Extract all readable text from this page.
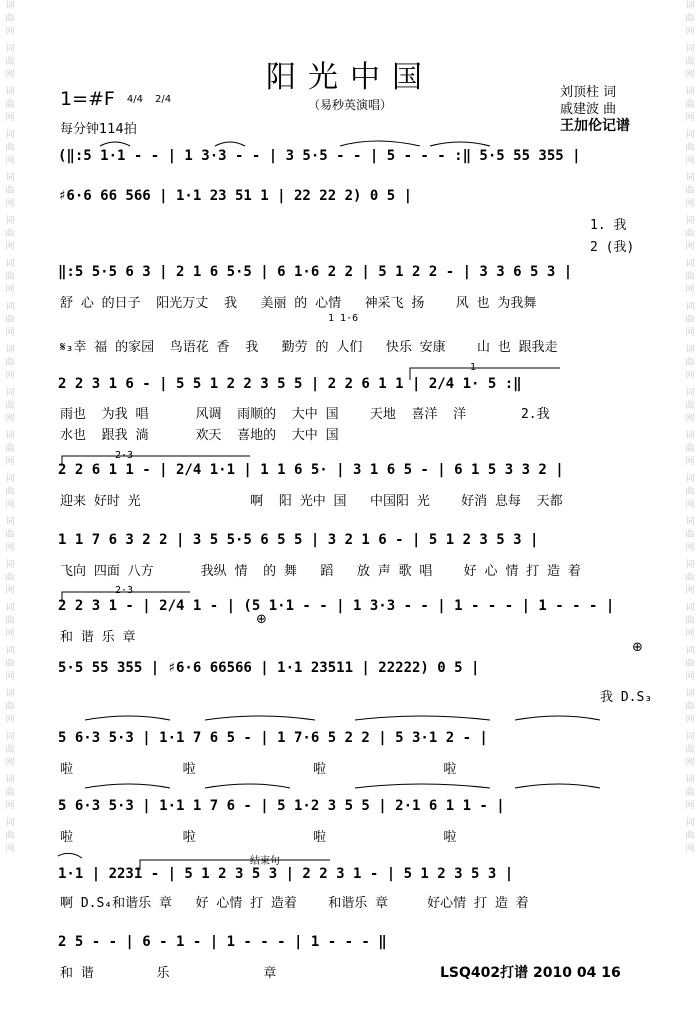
词曲网
词曲网
词曲网
词曲网
词曲网
词曲网
词曲网
词曲网
词曲网
词曲网
词曲网
词曲网
词曲网
词曲网
词曲网
词曲网
词曲网
词曲网
词曲网
词曲网
词曲网
词曲网
词曲网
词曲网
词曲网
词曲网
词曲网
词曲网
词曲网
词曲网
词曲网
词曲网
词曲网
词曲网
词曲网
词曲网
词曲网
词曲网
词曲网
词曲网
阳光中国
（易秒英演唱）
1=#F 4/4 2/4
每分钟114拍
刘顶柱 词
戚建波 曲
王加伦记谱
(‖:5 1·1 - - | 1 3·3 - - | 3 5·5 - - | 5 - - - :‖ 5·5 55 355 |
♯6·6 66 566 | 1·1 23 51 1 | 22 22 2) 0 5 |
1. 我
2 (我)
‖:5 5·5 6 3 | 2 1 6 5·5 | 6 1·6 2 2 | 5 1 2 2 - | 3 3 6 5 3 |
舒 心 的日子  阳光万丈  我   美丽 的 心情   神采飞 扬    风 也 为我舞
1 1·6
𝄋₃幸 福 的家园  鸟语花 香  我   勤劳 的 人们   快乐 安康    山 也 跟我走
1
2 2 3 1 6 - | 5 5 1 2 2 3 5 5 | 2 2 6 1 1 | 2/4 1· 5 :‖
雨也  为我 唱      风调  雨顺的  大中 国    天地  喜洋  洋       2.我
水也  跟我 淌      欢天  喜地的  大中 国
2·3
2 2 6 1 1 - | 2/4 1·1 | 1 1 6 5· | 3 1 6 5 - | 6 1 5 3 3 2 |
迎来 好时 光              啊  阳 光中 国   中国阳 光    好消 息每  天都
1 1 7 6 3 2 2 | 3 5 5·5 6 5 5 | 3 2 1 6 - | 5 1 2 3 5 3 |
飞向 四面 八方      我纵 情  的 舞   蹈   放 声 歌 唱    好 心 情 打 造 着
2·3
2 2 3 1 - | 2/4 1 - | (5 1·1 - - | 1 3·3 - - | 1 - - - | 1 - - - |
和 谐 乐 章
⊕
5·5 55 355 | ♯6·6 66566 | 1·1 23511 | 22222) 0 5 |
我 D.S₃
⊕
5 6·3 5·3 | 1·1 7 6 5 - | 1 7·6 5 2 2 | 5 3·1 2 - |
啦              啦               啦               啦
5 6·3 5·3 | 1·1 1 7 6 - | 5 1·2 3 5 5 | 2·1 6 1 1 - |
啦              啦               啦               啦
结束句
1·1 | 2231 - | 5 1 2 3 5 3 | 2 2 3 1 - | 5 1 2 3 5 3 |
啊 D.S₄和谐乐 章   好 心情 打 造着    和谐乐 章     好心情 打 造 着
2 5 - - | 6 - 1 - | 1 - - - | 1 - - - ‖
和 谐        乐            章	LSQ402打谱 2010 04 16
